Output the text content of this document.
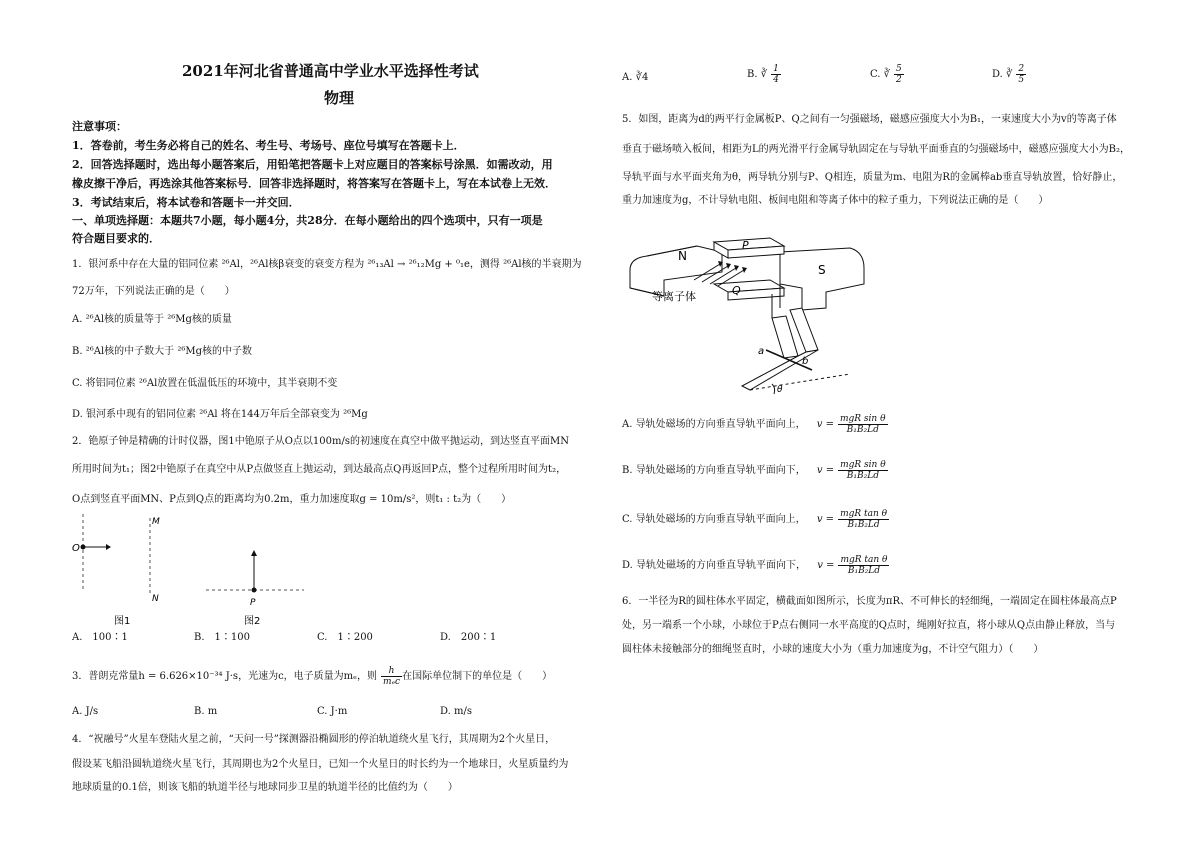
2021年河北省普通高中学业水平选择性考试
物理
注意事项：
1．答卷前，考生务必将自己的姓名、考生号、考场号、座位号填写在答题卡上．
2．回答选择题时，选出每小题答案后，用铅笔把答题卡上对应题目的答案标号涂黑．如需改动，用
橡皮擦干净后，再选涂其他答案标号．回答非选择题时，将答案写在答题卡上，写在本试卷上无效．
3．考试结束后，将本试卷和答题卡一并交回．
一、单项选择题：本题共7小题，每小题4分，共28分．在每小题给出的四个选项中，只有一项是
符合题目要求的．
1．银河系中存在大量的铝同位素 ²⁶Al，²⁶Al核β衰变的衰变方程为 ²⁶₁₃Al → ²⁶₁₂Mg + ⁰₁e，测得 ²⁶Al核的半衰期为
72万年，下列说法正确的是（　　）
A. ²⁶Al核的质量等于 ²⁶Mg核的质量
B. ²⁶Al核的中子数大于 ²⁶Mg核的中子数
C. 将铝同位素 ²⁶Al放置在低温低压的环境中，其半衰期不变
D. 银河系中现有的铝同位素 ²⁶Al 将在144万年后全部衰变为 ²⁶Mg
2．铯原子钟是精确的计时仪器，图1中铯原子从O点以100m/s的初速度在真空中做平抛运动，到达竖直平面MN
所用时间为t₁；图2中铯原子在真空中从P点做竖直上抛运动，到达最高点Q再返回P点，整个过程所用时间为t₂，
O点到竖直平面MN、P点到Q点的距离均为0.2m，重力加速度取g = 10m/s²，则t₁ : t₂为（　　）
O
M
N
图1
P
图2
A.　100∶1	B.　1∶100	C.　1∶200	D.　200∶1
3．普朗克常量h = 6.626×10⁻³⁴ J·s，光速为c，电子质量为mₑ，则 $\frac{h}{\text{mₑc}}$ 在国际单位制下的单位是（　　）
A. J/s	B. m	C. J·m	D. m/s
4．“祝融号”火星车登陆火星之前，“天问一号”探测器沿椭圆形的停泊轨道绕火星飞行，其周期为2个火星日，
假设某飞船沿圆轨道绕火星飞行，其周期也为2个火星日，已知一个火星日的时长约为一个地球日，火星质量约为
地球质量的0.1倍，则该飞船的轨道半径与地球同步卫星的轨道半径的比值约为（　　）
A. ∛4	B. ∛ $\frac{1}{4}$	C. ∛ $\frac{5}{2}$	D. ∛ $\frac{2}{5}$
5．如图，距离为d的两平行金属板P、Q之间有一匀强磁场，磁感应强度大小为B₁，一束速度大小为v的等离子体
垂直于磁场喷入板间，相距为L的两光滑平行金属导轨固定在与导轨平面垂直的匀强磁场中，磁感应强度大小为B₂，
导轨平面与水平面夹角为θ，两导轨分别与P、Q相连，质量为m、电阻为R的金属棒ab垂直导轨放置，恰好静止，
重力加速度为g，不计导轨电阻、板间电阻和等离子体中的粒子重力，下列说法正确的是（　　）
N
S
P
Q
等离子体
a
b
θ
A. 导轨处磁场的方向垂直导轨平面向上， $v = \frac{\text{mgR sin θ}}{\text{B₁B₂Ld}}$
B. 导轨处磁场的方向垂直导轨平面向下， $v = \frac{\text{mgR sin θ}}{\text{B₁B₂Ld}}$
C. 导轨处磁场的方向垂直导轨平面向上， $v = \frac{\text{mgR tan θ}}{\text{B₁B₂Ld}}$
D. 导轨处磁场的方向垂直导轨平面向下， $v = \frac{\text{mgR tan θ}}{\text{B₁B₂Ld}}$
6．一半径为R的圆柱体水平固定，横截面如图所示，长度为πR、不可伸长的轻细绳，一端固定在圆柱体最高点P
处，另一端系一个小球，小球位于P点右侧同一水平高度的Q点时，绳刚好拉直，将小球从Q点由静止释放，当与
圆柱体未接触部分的细绳竖直时，小球的速度大小为（重力加速度为g，不计空气阻力）（　　）
